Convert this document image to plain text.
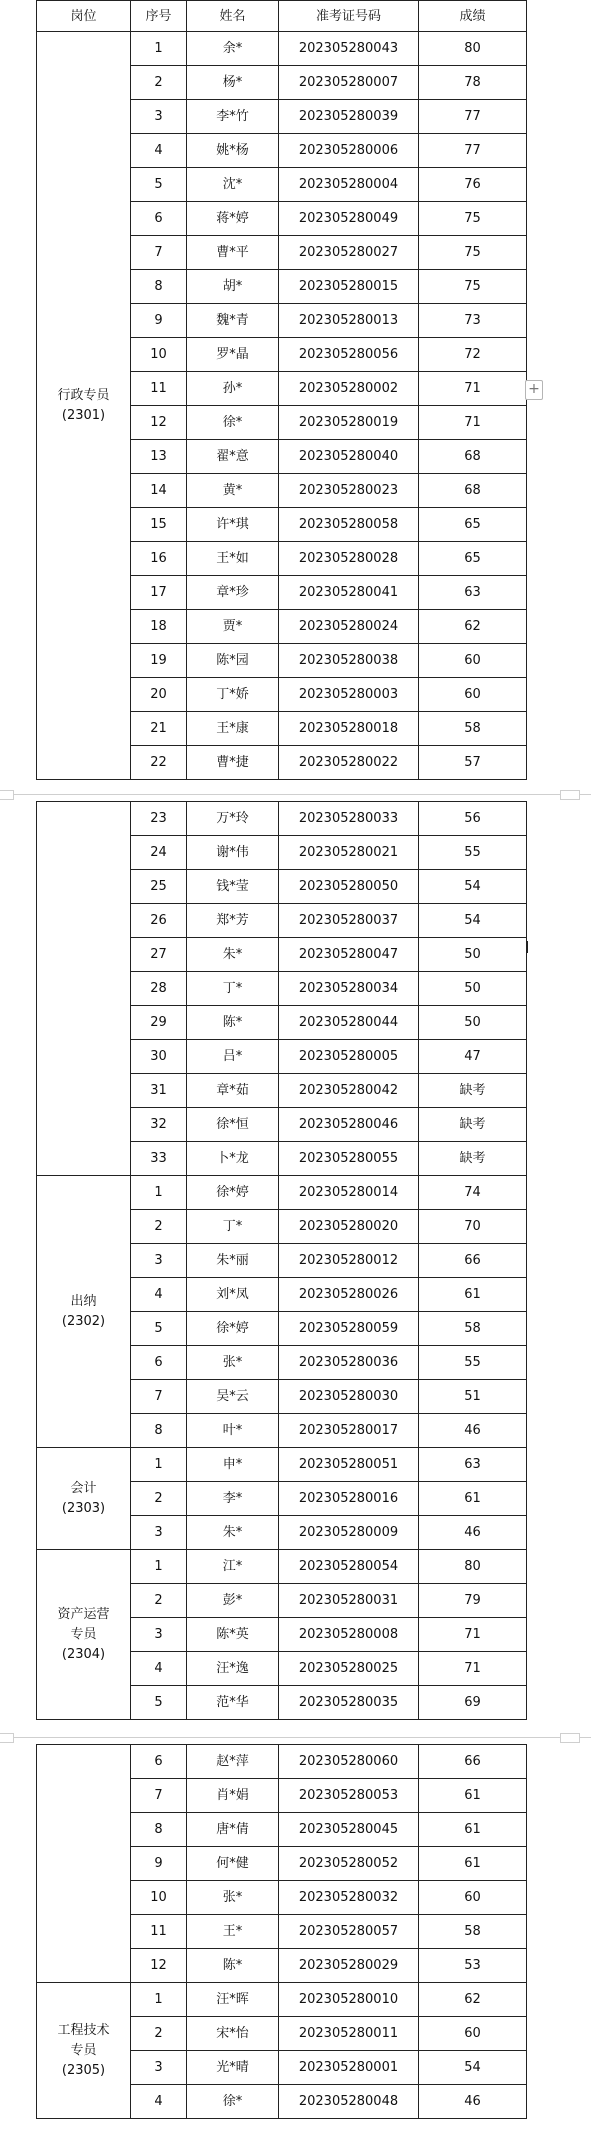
岗位	序号	姓名	准考证号码	成绩

行政专员
(2301)	1	余*	202305280043	80
	2	杨*	202305280007	78
	3	李*竹	202305280039	77
	4	姚*杨	202305280006	77
	5	沈*	202305280004	76
	6	蒋*婷	202305280049	75
	7	曹*平	202305280027	75
	8	胡*	202305280015	75
	9	魏*青	202305280013	73
	10	罗*晶	202305280056	72
	11	孙*	202305280002	71
	12	徐*	202305280019	71
	13	翟*意	202305280040	68
	14	黄*	202305280023	68
	15	许*琪	202305280058	65
	16	王*如	202305280028	65
	17	章*珍	202305280041	63
	18	贾*	202305280024	62
	19	陈*园	202305280038	60
	20	丁*娇	202305280003	60
	21	王*康	202305280018	58
	22	曹*捷	202305280022	57
	23	万*玲	202305280033	56
	24	谢*伟	202305280021	55
	25	钱*莹	202305280050	54
	26	郑*芳	202305280037	54
	27	朱*	202305280047	50
	28	丁*	202305280034	50
	29	陈*	202305280044	50
	30	吕*	202305280005	47
	31	章*茹	202305280042	缺考
	32	徐*恒	202305280046	缺考
	33	卜*龙	202305280055	缺考

出纳
(2302)	1	徐*婷	202305280014	74
	2	丁*	202305280020	70
	3	朱*丽	202305280012	66
	4	刘*凤	202305280026	61
	5	徐*婷	202305280059	58
	6	张*	202305280036	55
	7	吴*云	202305280030	51
	8	叶*	202305280017	46

会计
(2303)	1	申*	202305280051	63
	2	李*	202305280016	61
	3	朱*	202305280009	46

资产运营
专员
(2304)	1	江*	202305280054	80
	2	彭*	202305280031	79
	3	陈*英	202305280008	71
	4	汪*逸	202305280025	71
	5	范*华	202305280035	69
	6	赵*萍	202305280060	66
	7	肖*娟	202305280053	61
	8	唐*倩	202305280045	61
	9	何*健	202305280052	61
	10	张*	202305280032	60
	11	王*	202305280057	58
	12	陈*	202305280029	53

工程技术
专员
(2305)	1	汪*晖	202305280010	62
	2	宋*怡	202305280011	60
	3	光*晴	202305280001	54
	4	徐*	202305280048	46
+
